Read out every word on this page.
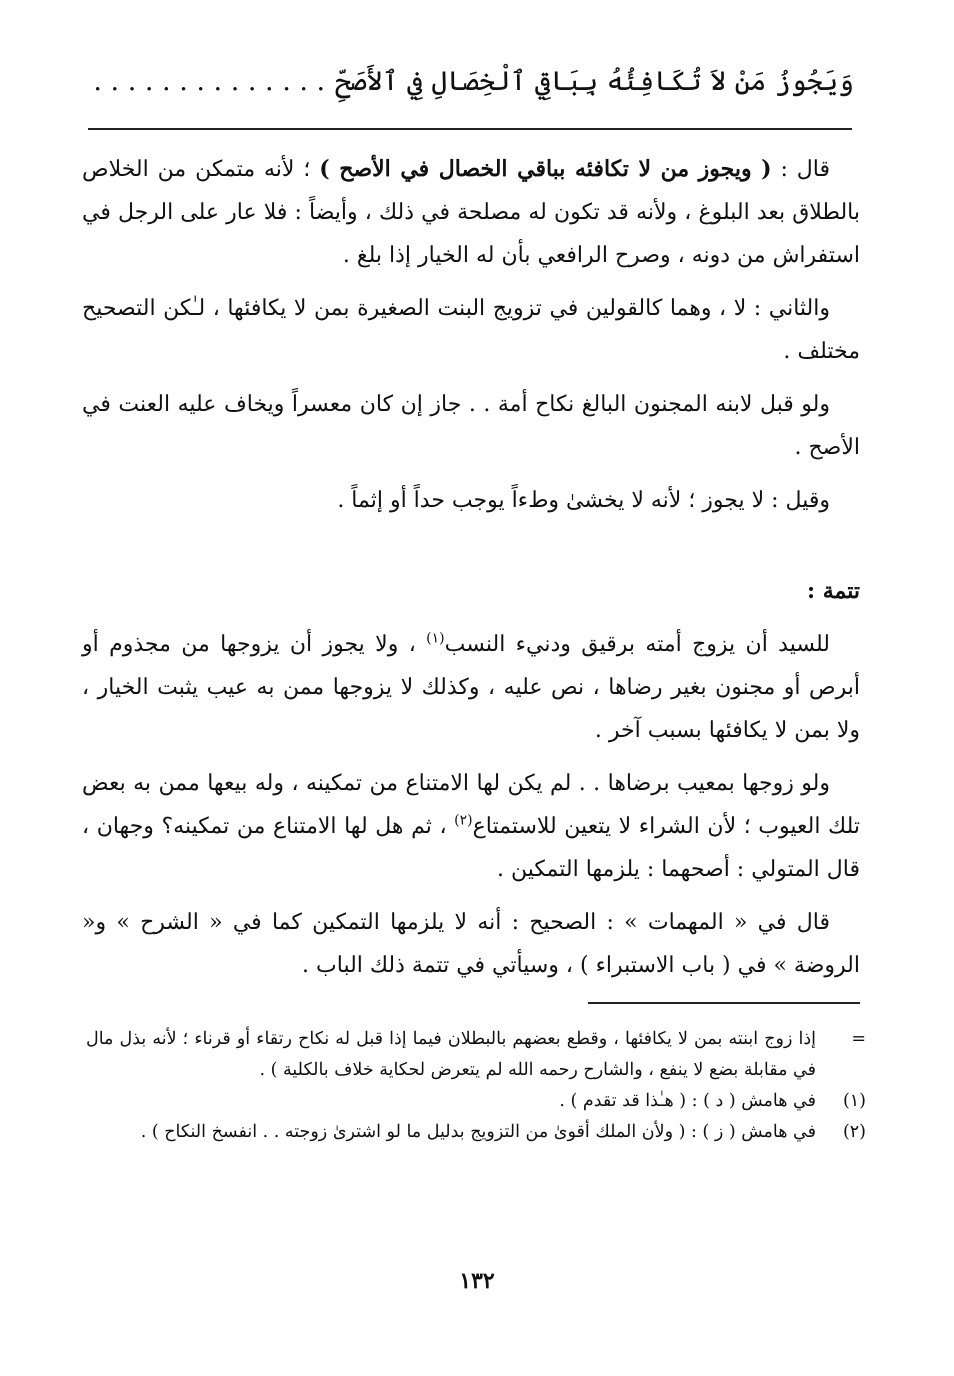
وَيَجُوزُ مَنْ لاَ تُكَافِئُهُ بِبَاقِي ٱلْخِصَالِ فِي ٱلأَصَحِّ. . . . . . . . . . . . . .

قال : ( ويجوز من لا تكافئه بباقي الخصال في الأصح ) ؛ لأنه متمكن من الخلاص بالطلاق بعد البلوغ ، ولأنه قد تكون له مصلحة في ذلك ، وأيضاً : فلا عار على الرجل في استفراش من دونه ، وصرح الرافعي بأن له الخيار إذا بلغ .

والثاني : لا ، وهما كالقولين في تزويج البنت الصغيرة بمن لا يكافئها ، لـٰكن التصحيح مختلف .

ولو قبل لابنه المجنون البالغ نكاح أمة . . جاز إن كان معسراً ويخاف عليه العنت في الأصح .

وقيل : لا يجوز ؛ لأنه لا يخشىٰ وطءاً يوجب حداً أو إثماً .

تتمة :

للسيد أن يزوج أمته برقيق ودنيء النسب$^{(١)}$ ، ولا يجوز أن يزوجها من مجذوم أو أبرص أو مجنون بغير رضاها ، نص عليه ، وكذلك لا يزوجها ممن به عيب يثبت الخيار ، ولا بمن لا يكافئها بسبب آخر .

ولو زوجها بمعيب برضاها . . لم يكن لها الامتناع من تمكينه ، وله بيعها ممن به بعض تلك العيوب ؛ لأن الشراء لا يتعين للاستمتاع$^{(٢)}$ ، ثم هل لها الامتناع من تمكينه؟ وجهان ، قال المتولي : أصحهما : يلزمها التمكين .

قال في « المهمات » : الصحيح : أنه لا يلزمها التمكين كما في « الشرح » و« الروضة » في ( باب الاستبراء ) ، وسيأتي في تتمة ذلك الباب .

=
إذا زوج ابنته بمن لا يكافئها ، وقطع بعضهم بالبطلان فيما إذا قبل له نكاح رتقاء أو قرناء ؛ لأنه بذل مال في مقابلة بضع لا ينفع ، والشارح رحمه الله لم يتعرض لحكاية خلاف بالكلية ) .
(١)
في هامش ( د ) : ( هـٰذا قد تقدم ) .
(٢)
في هامش ( ز ) : ( ولأن الملك أقوىٰ من التزويج بدليل ما لو اشترىٰ زوجته . . انفسخ النكاح ) .
١٣٢
